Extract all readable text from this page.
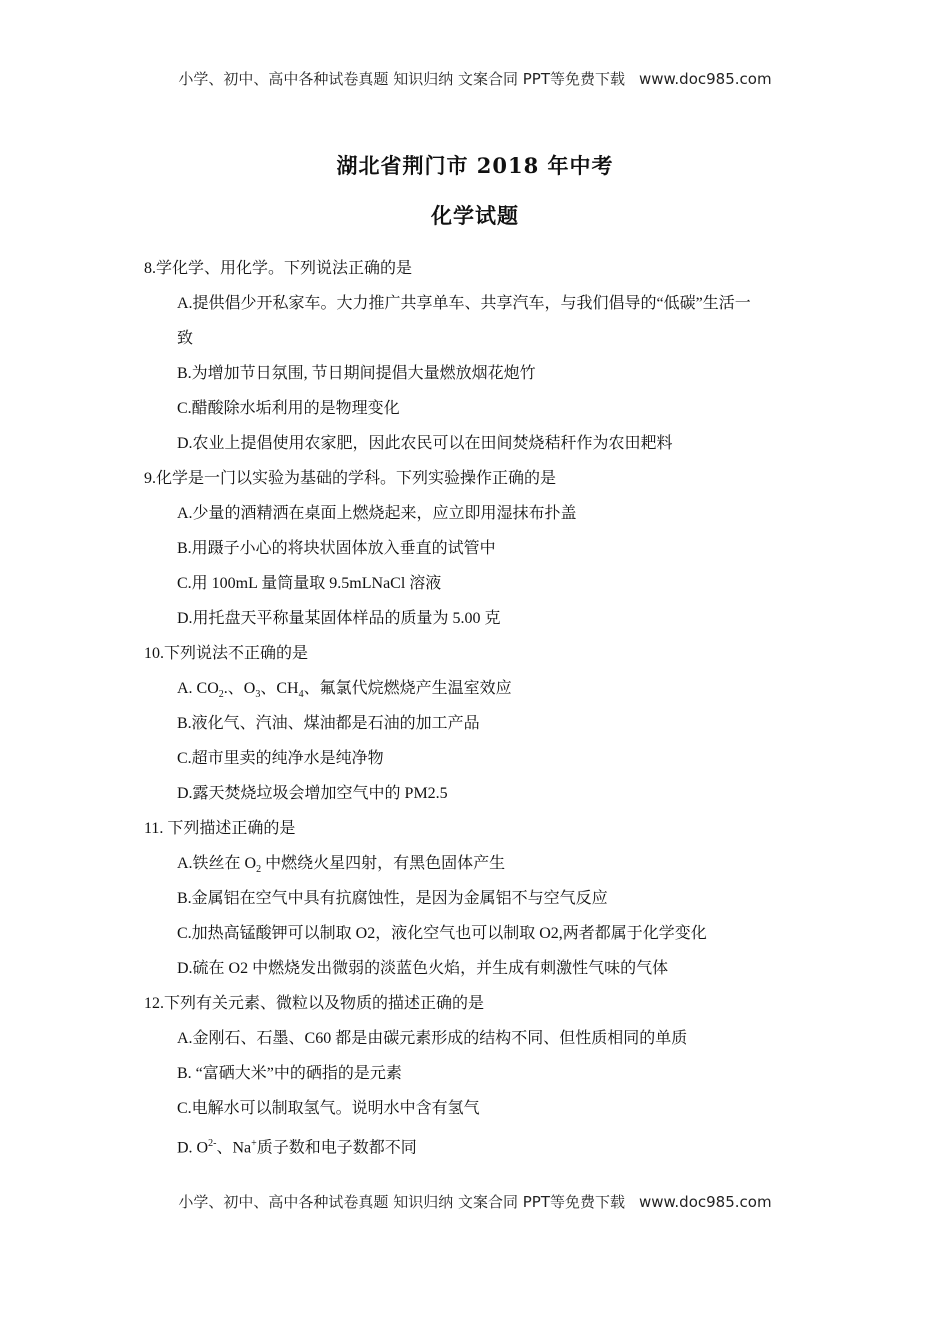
小学、初中、高中各种试卷真题 知识归纳 文案合同 PPT等免费下载 www.doc985.com
湖北省荆门市 2018 年中考
化学试题
8.学化学、用化学。下列说法正确的是
A.提供倡少开私家车。大力推广共享单车、共享汽车，与我们倡导的“低碳”生活一
致
B.为增加节日氛围, 节日期间提倡大量燃放烟花炮竹
C.醋酸除水垢利用的是物理变化
D.农业上提倡使用农家肥，因此农民可以在田间焚烧秸秆作为农田耙料
9.化学是一门以实验为基础的学科。下列实验操作正确的是
A.少量的酒精洒在桌面上燃烧起来，应立即用湿抹布扑盖
B.用蹑子小心的将块状固体放入垂直的试管中
C.用 100mL 量筒量取 9.5mLNaCl 溶液
D.用托盘天平称量某固体样品的质量为 5.00 克
10.下列说法不正确的是
A. $CO_2$.、$O_3$、$CH_4$、氟氯代烷燃烧产生温室效应
B.液化气、汽油、煤油都是石油的加工产品
C.超市里卖的纯净水是纯净物
D.露天焚烧垃圾会增加空气中的 PM2.5
11. 下列描述正确的是
A.铁丝在 $O_2$ 中燃绕火星四射，有黑色固体产生
B.金属铝在空气中具有抗腐蚀性，是因为金属铝不与空气反应
C.加热高锰酸钾可以制取 O2，液化空气也可以制取 O2,两者都属于化学变化
D.硫在 O2 中燃烧发出微弱的淡蓝色火焰，并生成有刺激性气味的气体
12.下列有关元素、微粒以及物质的描述正确的是
A.金刚石、石墨、C60 都是由碳元素形成的结构不同、但性质相同的单质
B. “富硒大米”中的硒指的是元素
C.电解水可以制取氢气。说明水中含有氢气
D. $O^{2-}$、Na+质子数和电子数都不同
小学、初中、高中各种试卷真题 知识归纳 文案合同 PPT等免费下载 www.doc985.com
